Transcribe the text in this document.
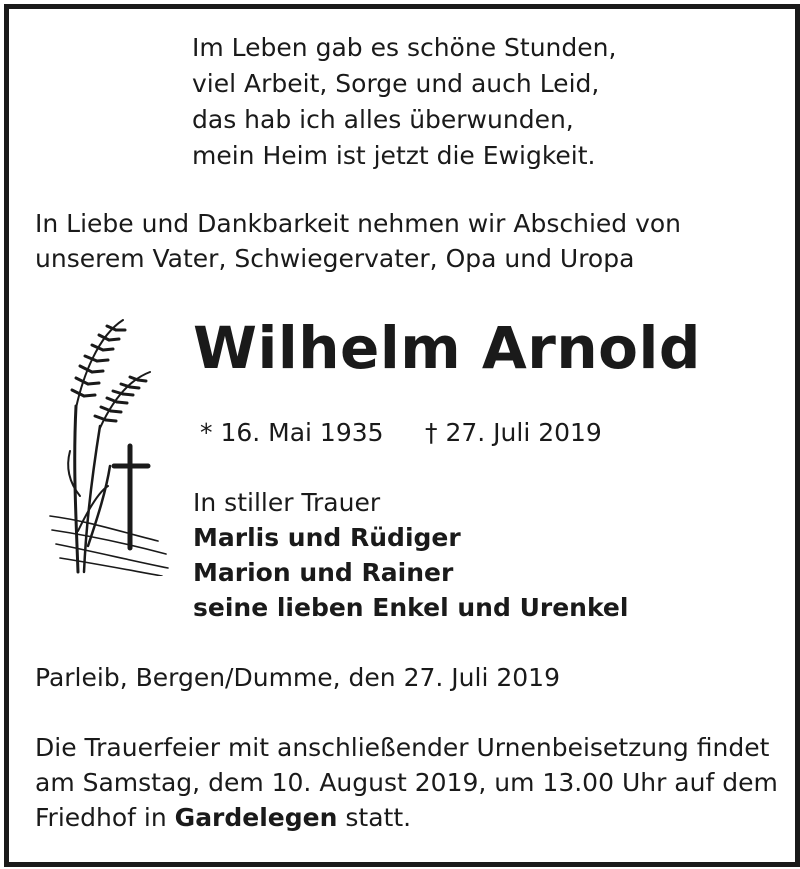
Im Leben gab es schöne Stunden,
viel Arbeit, Sorge und auch Leid,
das hab ich alles überwunden,
mein Heim ist jetzt die Ewigkeit.
In Liebe und Dankbarkeit nehmen wir Abschied von
unserem Vater, Schwiegervater, Opa und Uropa
Wilhelm Arnold
* 16. Mai 1935 † 27. Juli 2019
In stiller Trauer
Marlis und Rüdiger
Marion und Rainer
seine lieben Enkel und Urenkel
Parleib, Bergen/Dumme, den 27. Juli 2019
Die Trauerfeier mit anschließender Urnenbeisetzung findet
am Samstag, dem 10. August 2019, um 13.00 Uhr auf dem
Friedhof in Gardelegen statt.
